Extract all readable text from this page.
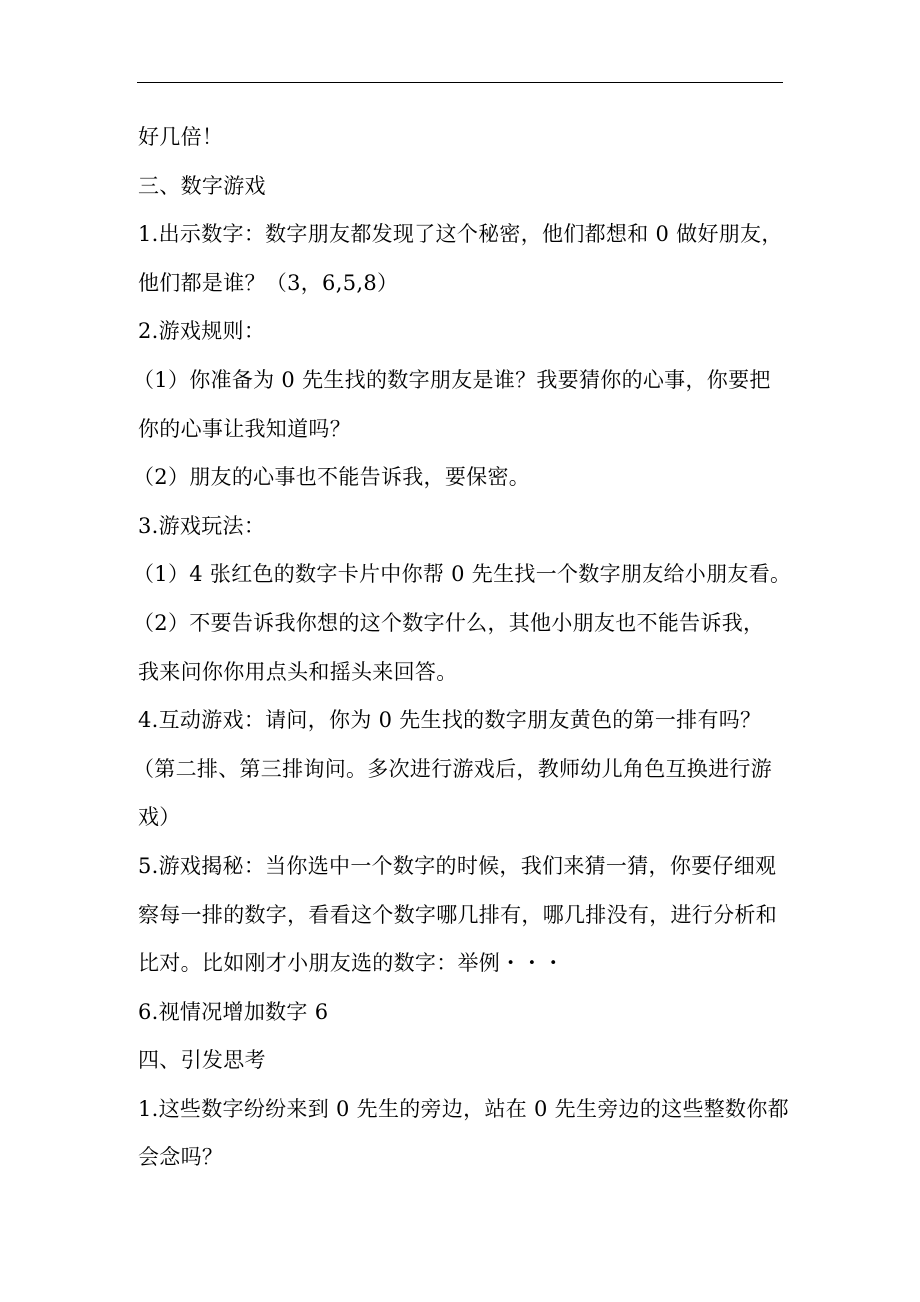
好几倍！
三、数字游戏
1.出示数字：数字朋友都发现了这个秘密，他们都想和 0 做好朋友，
他们都是谁？（3，6,5,8）
2.游戏规则：
（1）你准备为 0 先生找的数字朋友是谁？我要猜你的心事，你要把
你的心事让我知道吗？
（2）朋友的心事也不能告诉我，要保密。
3.游戏玩法：
（1）4 张红色的数字卡片中你帮 0 先生找一个数字朋友给小朋友看。
（2）不要告诉我你想的这个数字什么，其他小朋友也不能告诉我，
我来问你你用点头和摇头来回答。
4.互动游戏：请问，你为 0 先生找的数字朋友黄色的第一排有吗？
（第二排、第三排询问。多次进行游戏后，教师幼儿角色互换进行游
戏）
5.游戏揭秘：当你选中一个数字的时候，我们来猜一猜，你要仔细观
察每一排的数字，看看这个数字哪几排有，哪几排没有，进行分析和
比对。比如刚才小朋友选的数字：举例・・・
6.视情况增加数字 6
四、引发思考
1.这些数字纷纷来到 0 先生的旁边，站在 0 先生旁边的这些整数你都
会念吗？
